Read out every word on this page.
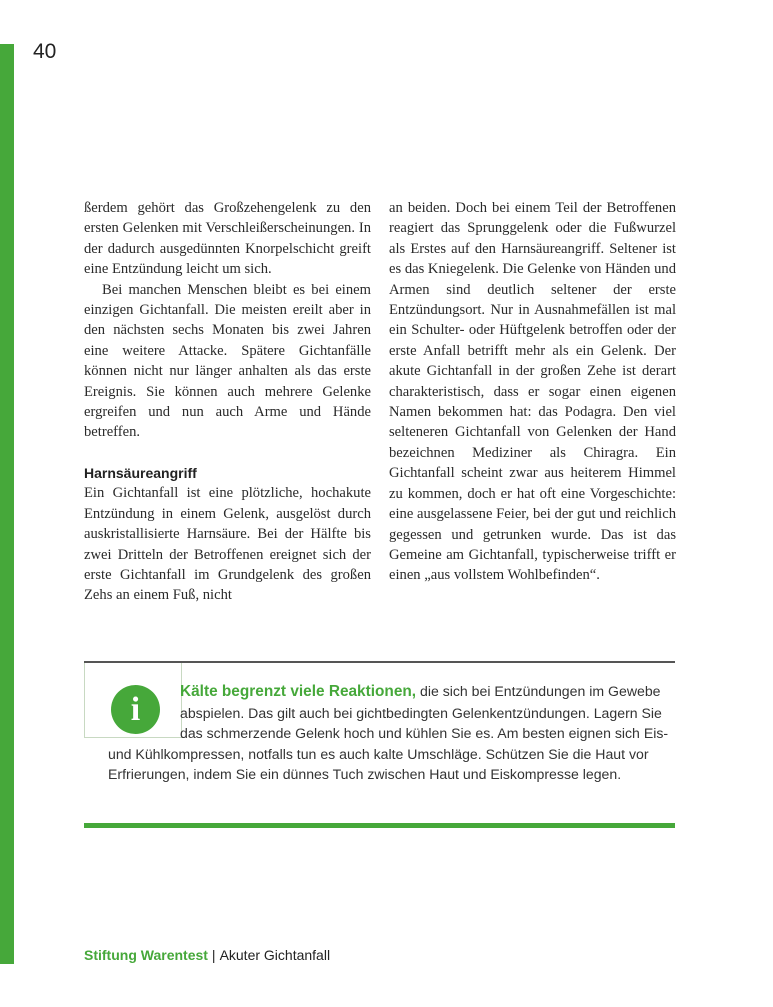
40

ßerdem gehört das Großzehengelenk zu den ersten Gelenken mit Verschleißerscheinungen. In der dadurch ausgedünnten Knorpelschicht greift eine Entzündung leicht um sich.

Bei manchen Menschen bleibt es bei einem einzigen Gichtanfall. Die meisten ereilt aber in den nächsten sechs Monaten bis zwei Jahren eine weitere Attacke. Spätere Gichtanfälle können nicht nur länger anhalten als das erste Ereignis. Sie können auch mehrere Gelenke ergreifen und nun auch Arme und Hände betreffen.

Harnsäureangriff

Ein Gichtanfall ist eine plötzliche, hochakute Entzündung in einem Gelenk, ausgelöst durch auskristallisierte Harnsäure. Bei der Hälfte bis zwei Dritteln der Betroffenen ereignet sich der erste Gichtanfall im Grundgelenk des großen Zehs an einem Fuß, nicht

an beiden. Doch bei einem Teil der Betroffenen reagiert das Sprunggelenk oder die Fußwurzel als Erstes auf den Harnsäureangriff. Seltener ist es das Kniegelenk. Die Gelenke von Händen und Armen sind deutlich seltener der erste Entzündungsort. Nur in Ausnahmefällen ist mal ein Schulter- oder Hüftgelenk betroffen oder der erste Anfall betrifft mehr als ein Gelenk. Der akute Gichtanfall in der großen Zehe ist derart charakteristisch, dass er sogar einen eigenen Namen bekommen hat: das Podagra. Den viel selteneren Gichtanfall von Gelenken der Hand bezeichnen Mediziner als Chiragra. Ein Gichtanfall scheint zwar aus heiterem Himmel zu kommen, doch er hat oft eine Vorgeschichte: eine ausgelassene Feier, bei der gut und reichlich gegessen und getrunken wurde. Das ist das Gemeine am Gichtanfall, typischerweise trifft er einen „aus vollstem Wohlbefinden“.

i	Kälte begrenzt viele Reaktionen, die sich bei Entzündungen im Gewebe abspielen. Das gilt auch bei gichtbedingten Gelenkentzündungen. Lagern Sie das schmerzende Gelenk hoch und kühlen Sie es. Am besten eignen sich Eis- und Kühlkompressen, notfalls tun es auch kalte Umschläge. Schützen Sie die Haut vor Erfrierungen, indem Sie ein dünnes Tuch zwischen Haut und Eiskompresse legen.
Stiftung Warentest | Akuter Gichtanfall
